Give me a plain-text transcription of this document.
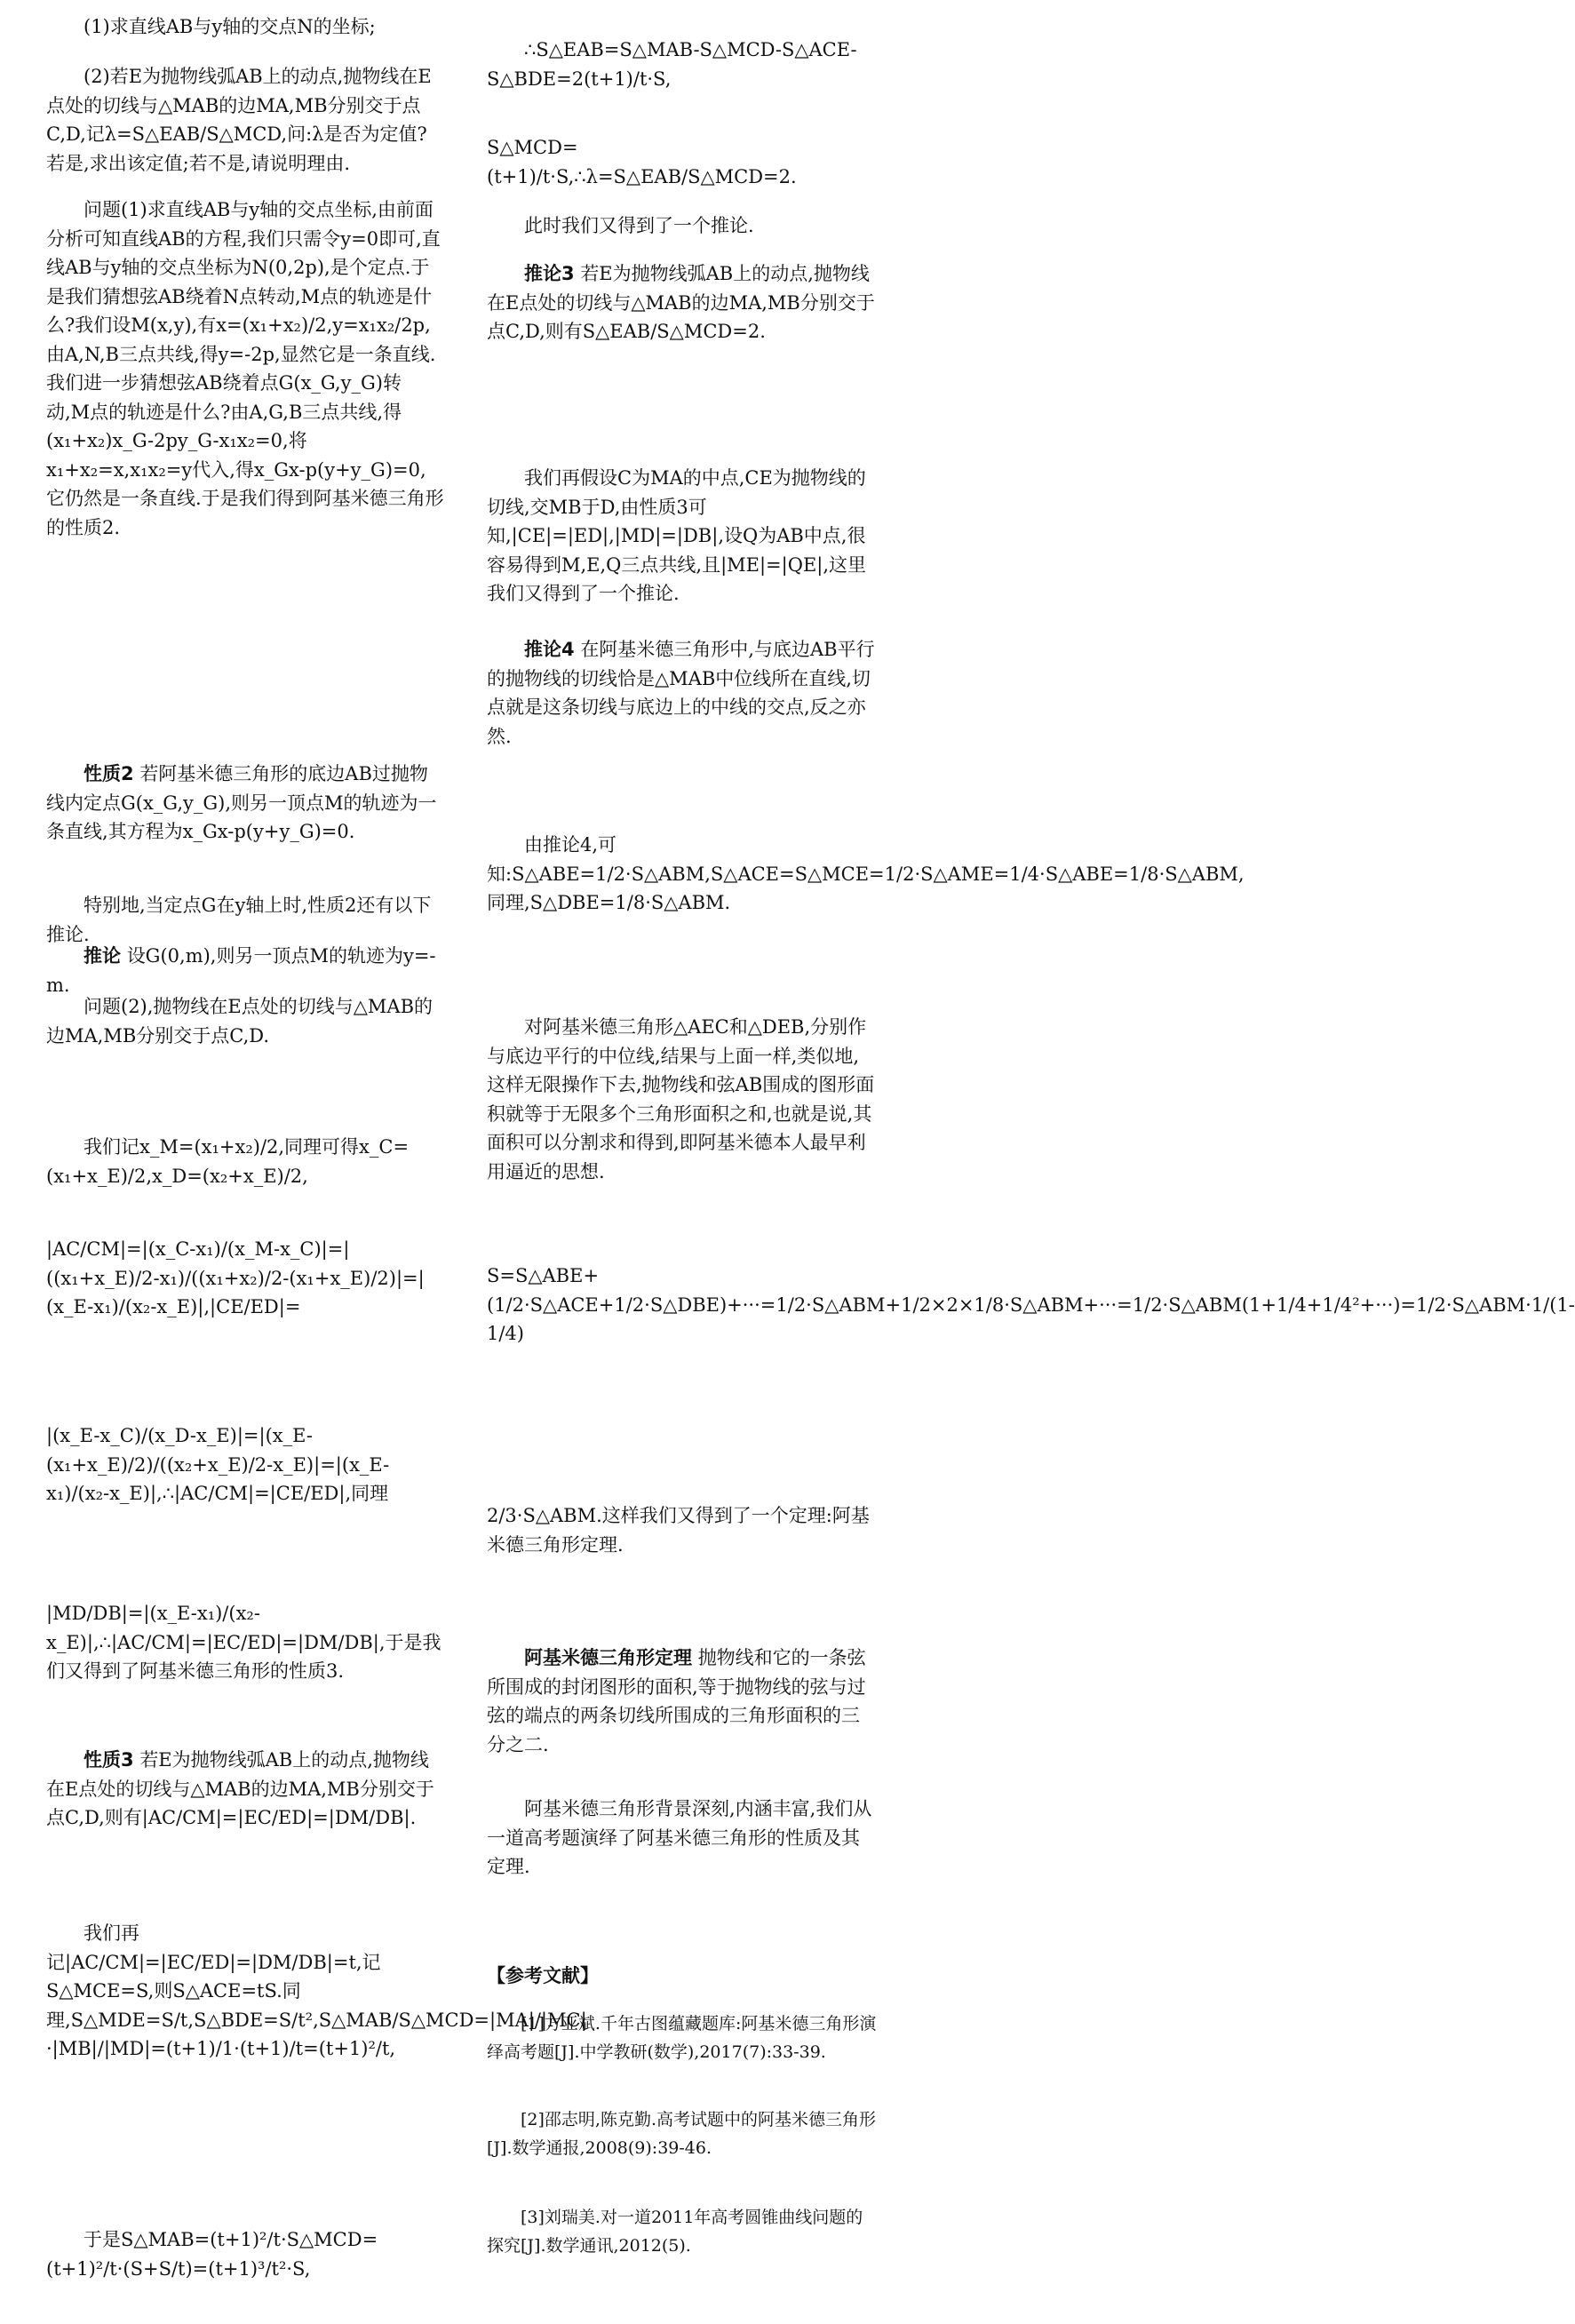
(1)求直线AB与y轴的交点N的坐标;

(2)若E为抛物线弧AB上的动点,抛物线在E点处的切线与△MAB的边MA,MB分别交于点C,D,记λ=S△EAB/S△MCD,问:λ是否为定值?若是,求出该定值;若不是,请说明理由.

问题(1)求直线AB与y轴的交点坐标,由前面分析可知直线AB的方程,我们只需令y=0即可,直线AB与y轴的交点坐标为N(0,2p),是个定点.于是我们猜想弦AB绕着N点转动,M点的轨迹是什么?我们设M(x,y),有x=(x₁+x₂)/2,y=x₁x₂/2p,由A,N,B三点共线,得y=-2p,显然它是一条直线.我们进一步猜想弦AB绕着点G(x_G,y_G)转动,M点的轨迹是什么?由A,G,B三点共线,得(x₁+x₂)x_G-2py_G-x₁x₂=0,将x₁+x₂=x,x₁x₂=y代入,得x_Gx-p(y+y_G)=0,它仍然是一条直线.于是我们得到阿基米德三角形的性质2.

性质2 若阿基米德三角形的底边AB过抛物线内定点G(x_G,y_G),则另一顶点M的轨迹为一条直线,其方程为x_Gx-p(y+y_G)=0.

特别地,当定点G在y轴上时,性质2还有以下推论.

推论 设G(0,m),则另一顶点M的轨迹为y=-m.

问题(2),抛物线在E点处的切线与△MAB的边MA,MB分别交于点C,D.

我们记x_M=(x₁+x₂)/2,同理可得x_C=(x₁+x_E)/2,x_D=(x₂+x_E)/2,

|AC/CM|=|(x_C-x₁)/(x_M-x_C)|=|((x₁+x_E)/2-x₁)/((x₁+x₂)/2-(x₁+x_E)/2)|=|(x_E-x₁)/(x₂-x_E)|,|CE/ED|=

|(x_E-x_C)/(x_D-x_E)|=|(x_E-(x₁+x_E)/2)/((x₂+x_E)/2-x_E)|=|(x_E-x₁)/(x₂-x_E)|,∴|AC/CM|=|CE/ED|,同理

|MD/DB|=|(x_E-x₁)/(x₂-x_E)|,∴|AC/CM|=|EC/ED|=|DM/DB|,于是我们又得到了阿基米德三角形的性质3.

性质3 若E为抛物线弧AB上的动点,抛物线在E点处的切线与△MAB的边MA,MB分别交于点C,D,则有|AC/CM|=|EC/ED|=|DM/DB|.

我们再记|AC/CM|=|EC/ED|=|DM/DB|=t,记S△MCE=S,则S△ACE=tS.同理,S△MDE=S/t,S△BDE=S/t²,S△MAB/S△MCD=|MA|/|MC|·|MB|/|MD|=(t+1)/1·(t+1)/t=(t+1)²/t,

于是S△MAB=(t+1)²/t·S△MCD=(t+1)²/t·(S+S/t)=(t+1)³/t²·S,

∴S△EAB=S△MAB-S△MCD-S△ACE-S△BDE=2(t+1)/t·S,

S△MCD=(t+1)/t·S,∴λ=S△EAB/S△MCD=2.

此时我们又得到了一个推论.

推论3 若E为抛物线弧AB上的动点,抛物线在E点处的切线与△MAB的边MA,MB分别交于点C,D,则有S△EAB/S△MCD=2.

我们再假设C为MA的中点,CE为抛物线的切线,交MB于D,由性质3可知,|CE|=|ED|,|MD|=|DB|,设Q为AB中点,很容易得到M,E,Q三点共线,且|ME|=|QE|,这里我们又得到了一个推论.

推论4 在阿基米德三角形中,与底边AB平行的抛物线的切线恰是△MAB中位线所在直线,切点就是这条切线与底边上的中线的交点,反之亦然.

由推论4,可知:S△ABE=1/2·S△ABM,S△ACE=S△MCE=1/2·S△AME=1/4·S△ABE=1/8·S△ABM,同理,S△DBE=1/8·S△ABM.

对阿基米德三角形△AEC和△DEB,分别作与底边平行的中位线,结果与上面一样,类似地,这样无限操作下去,抛物线和弦AB围成的图形面积就等于无限多个三角形面积之和,也就是说,其面积可以分割求和得到,即阿基米德本人最早利用逼近的思想.

S=S△ABE+(1/2·S△ACE+1/2·S△DBE)+···=1/2·S△ABM+1/2×2×1/8·S△ABM+···=1/2·S△ABM(1+1/4+1/4²+···)=1/2·S△ABM·1/(1-1/4)

2/3·S△ABM.这样我们又得到了一个定理:阿基米德三角形定理.

阿基米德三角形定理 抛物线和它的一条弦所围成的封闭图形的面积,等于抛物线的弦与过弦的端点的两条切线所围成的三角形面积的三分之二.

阿基米德三角形背景深刻,内涵丰富,我们从一道高考题演绎了阿基米德三角形的性质及其定理.

【参考文献】

[1]方亚斌.千年古图蕴藏题库:阿基米德三角形演绎高考题[J].中学教研(数学),2017(7):33-39.

[2]邵志明,陈克勤.高考试题中的阿基米德三角形[J].数学通报,2008(9):39-46.

[3]刘瑞美.对一道2011年高考圆锥曲线问题的探究[J].数学通讯,2012(5).
